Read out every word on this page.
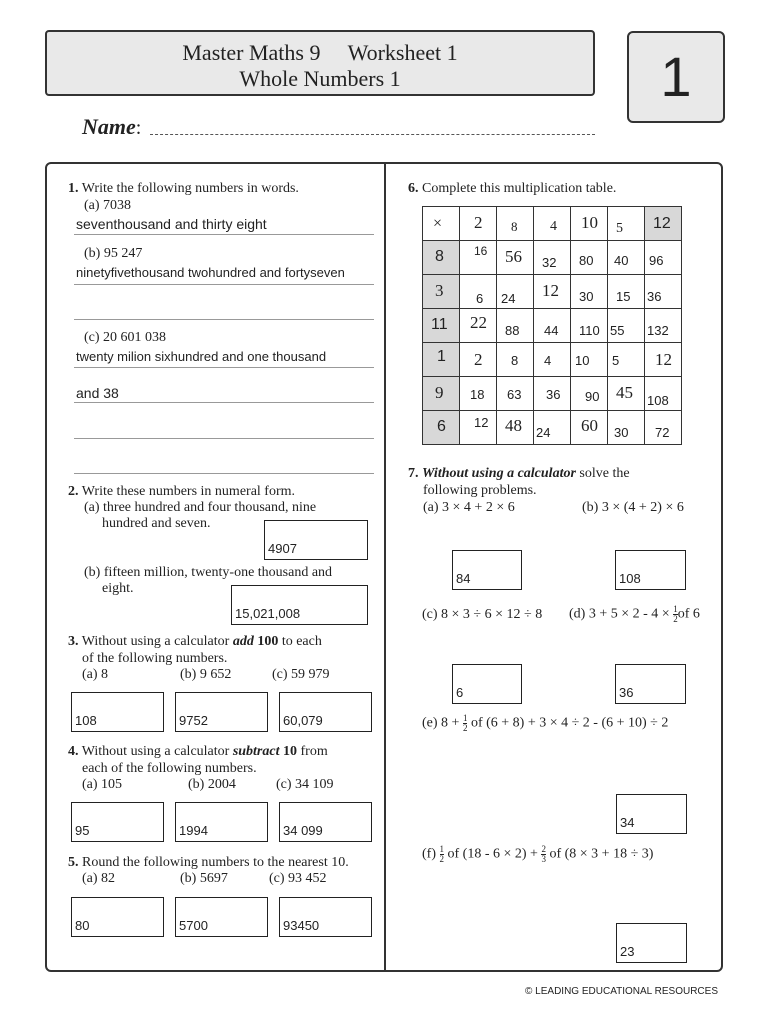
Master Maths 9     Worksheet 1
Whole Numbers 1	1
Name:
1. Write the following numbers in words.
(a) 7038
seventhousand and thirty eight
(b) 95 247
ninetyfivethousand twohundred and fortyseven
(c) 20 601 038
twenty milion sixhundred and one thousand
and 38
2. Write these numbers in numeral form.
(a) three hundred and four thousand, nine
hundred and seven.
4907
(b) fifteen million, twenty-one thousand and
eight.
15,021,008
3. Without using a calculator add 100 to each
of the following numbers.
(a) 8	(b) 9 652	(c) 59 979
108	9752	60,079
4. Without using a calculator subtract 10 from
each of the following numbers.
(a) 105	(b) 2004	(c) 34 109
95	1994	34 099
5. Round the following numbers to the nearest 10.
(a) 82	(b) 5697	(c) 93 452
80	5700	93450
6. Complete this multiplication table.
×	2	8	4	10	5	12

8	16	56	32	80	40	96

3	6	24	12	30	15	36

11	22	88	44	110	55	132

1	2	8	4	10	5	12

9	18	63	36	90	45	108

6	12	48	24	60	30	72
7. Without using a calculator solve the
following problems.
(a) 3 × 4 + 2 × 6	(b) 3 × (4 + 2) × 6
84	108
(c) 8 × 3 ÷ 6 × 12 ÷ 8 (d) $3 + 5 \times 2 - 4 \times \frac{1}{2}of$ 6
6	36
(e) $8 + \frac{1}{2}$ of (6 + 8) + 3 × 4 ÷ 2 - (6 + 10) ÷ 2
34
$(f) \frac{1}{2}$ of $(18 - 6 \times 2) + \frac{2}{3}$ of (8 × 3 + 18 ÷ 3)
23
© LEADING EDUCATIONAL RESOURCES
